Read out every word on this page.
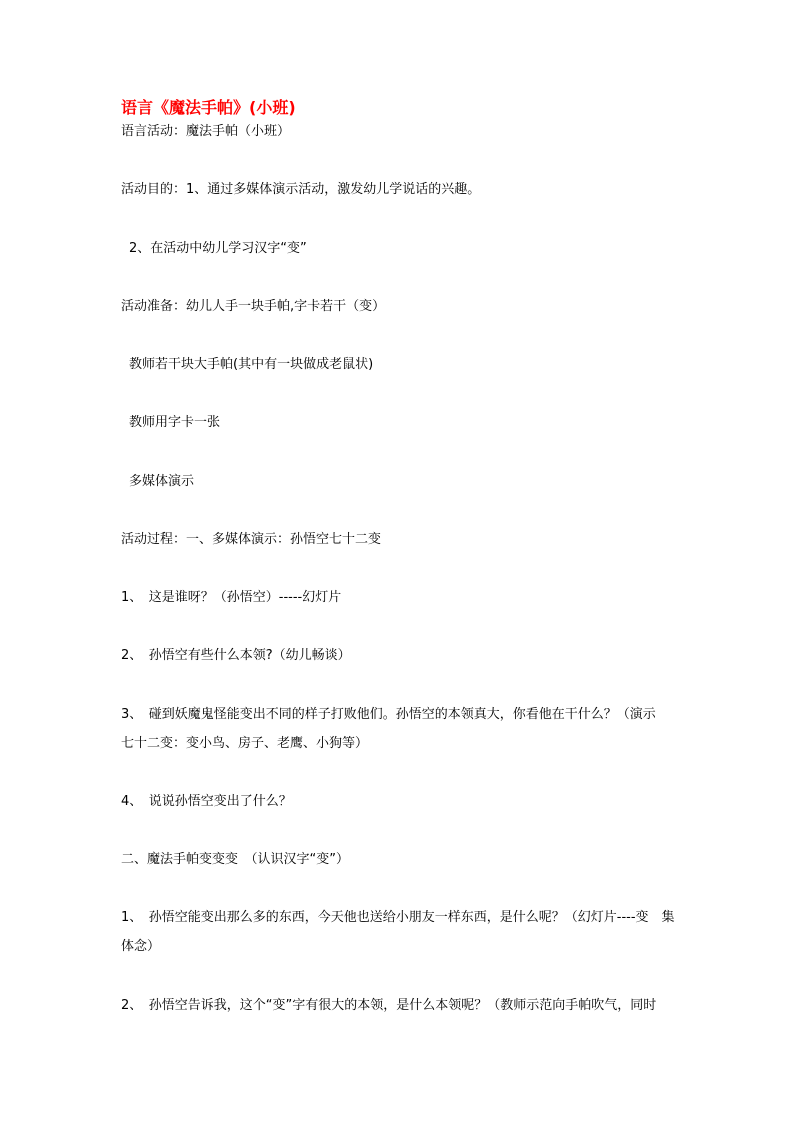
语言《魔法手帕》(小班)
语言活动：魔法手帕（小班）
活动目的：1、通过多媒体演示活动，激发幼儿学说话的兴趣。
2、在活动中幼儿学习汉字“变”
活动准备：幼儿人手一块手帕,字卡若干（变）
教师若干块大手帕(其中有一块做成老鼠状)
教师用字卡一张
多媒体演示
活动过程：一、多媒体演示：孙悟空七十二变
1、　这是谁呀？（孙悟空）-----幻灯片
2、　孙悟空有些什么本领?（幼儿畅谈）
3、　碰到妖魔鬼怪能变出不同的样子打败他们。孙悟空的本领真大，你看他在干什么？（演示
七十二变：变小鸟、房子、老鹰、小狗等）
4、　说说孙悟空变出了什么？
二、魔法手帕变变变　（认识汉字“变”）
1、　孙悟空能变出那么多的东西，今天他也送给小朋友一样东西，是什么呢？（幻灯片----变　集
体念）
2、　孙悟空告诉我，这个“变”字有很大的本领，是什么本领呢？（教师示范向手帕吹气，同时
